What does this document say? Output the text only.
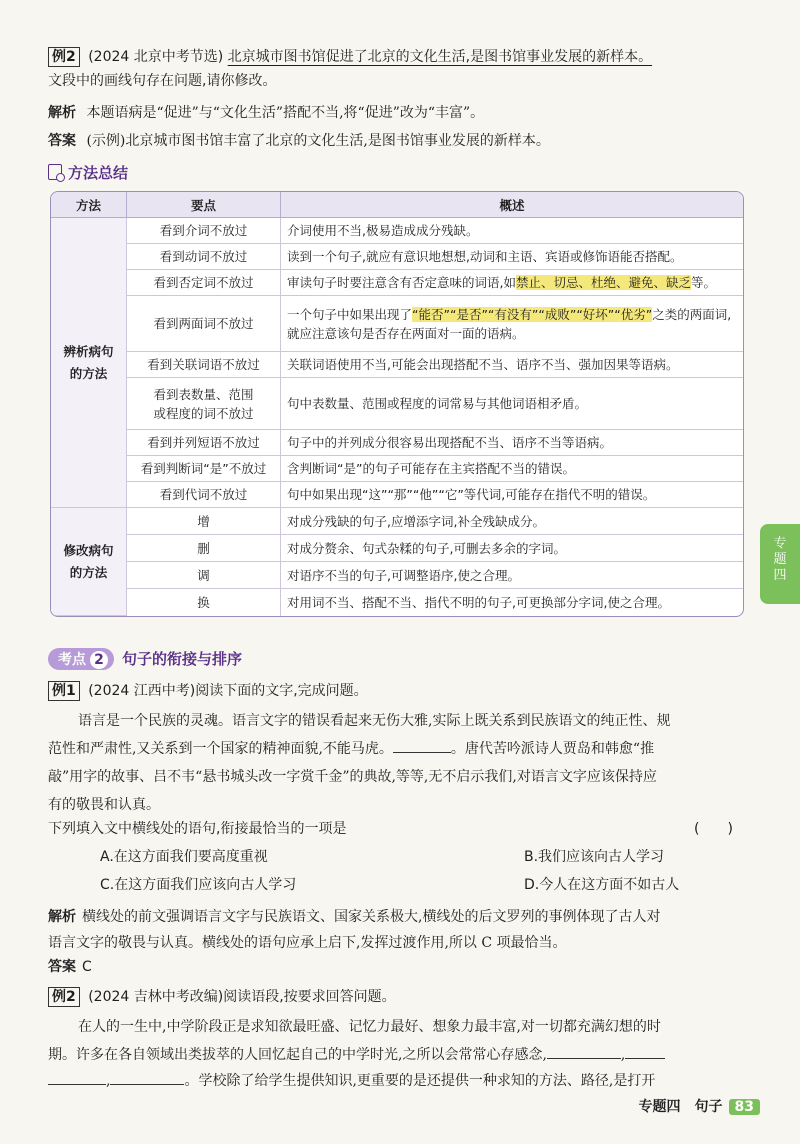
例2 (2024 北京中考节选) 北京城市图书馆促进了北京的文化生活,是图书馆事业发展的新样本。
文段中的画线句存在问题,请你修改。
解析 本题语病是“促进”与“文化生活”搭配不当,将“促进”改为“丰富”。
答案 (示例)北京城市图书馆丰富了北京的文化生活,是图书馆事业发展的新样本。
方法总结
方法	要点	概述
辨析病句的方法	看到介词不放过	介词使用不当,极易造成成分残缺。
	看到动词不放过	读到一个句子,就应有意识地想想,动词和主语、宾语或修饰语能否搭配。
	看到否定词不放过	审读句子时要注意含有否定意味的词语,如禁止、切忌、杜绝、避免、缺乏等。
	看到两面词不放过	一个句子中如果出现了“能否”“是否”“有没有”“成败”“好坏”“优劣”之类的两面词,就应注意该句是否存在两面对一面的语病。
	看到关联词语不放过	关联词语使用不当,可能会出现搭配不当、语序不当、强加因果等语病。
	看到表数量、范围或程度的词不放过	句中表数量、范围或程度的词常易与其他词语相矛盾。
	看到并列短语不放过	句子中的并列成分很容易出现搭配不当、语序不当等语病。
	看到判断词“是”不放过	含判断词“是”的句子可能存在主宾搭配不当的错误。
	看到代词不放过	句中如果出现“这”“那”“他”“它”等代词,可能存在指代不明的错误。
修改病句的方法	增	对成分残缺的句子,应增添字词,补全残缺成分。
	删	对成分赘余、句式杂糅的句子,可删去多余的字词。
	调	对语序不当的句子,可调整语序,使之合理。
	换	对用词不当、搭配不当、指代不明的句子,可更换部分字词,使之合理。
专
题
四
考点 2 句子的衔接与排序
例1 (2024 江西中考)阅读下面的文字,完成问题。
语言是一个民族的灵魂。语言文字的错误看起来无伤大雅,实际上既关系到民族语文的纯正性、规
范性和严肃性,又关系到一个国家的精神面貌,不能马虎。	。唐代苦吟派诗人贾岛和韩愈“推
敲”用字的故事、吕不韦“悬书城头改一字赏千金”的典故,等等,无不启示我们,对语言文字应该保持应
有的敬畏和认真。
下列填入文中横线处的语句,衔接最恰当的一项是	(　　)
A.在这方面我们要高度重视	B.我们应该向古人学习
C.在这方面我们应该向古人学习	D.今人在这方面不如古人
解析 横线处的前文强调语言文字与民族语文、国家关系极大,横线处的后文罗列的事例体现了古人对
语言文字的敬畏与认真。横线处的语句应承上启下,发挥过渡作用,所以 C 项最恰当。
答案 C
例2 (2024 吉林中考改编)阅读语段,按要求回答问题。
在人的一生中,中学阶段正是求知欲最旺盛、记忆力最好、想象力最丰富,对一切都充满幻想的时
期。许多在各自领域出类拔萃的人回忆起自己的中学时光,之所以会常常心存感念,	,
,	。学校除了给学生提供知识,更重要的是还提供一种求知的方法、路径,是打开
专题四　句子 83
